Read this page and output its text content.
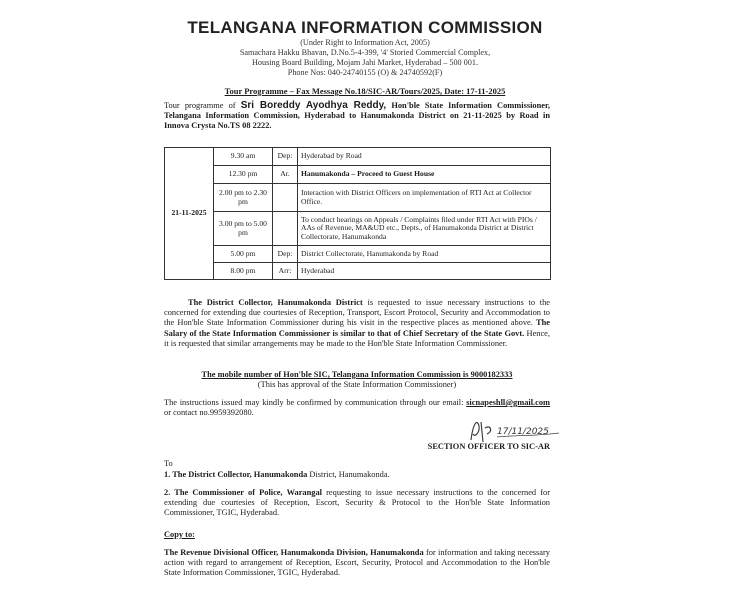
TELANGANA INFORMATION COMMISSION
(Under Right to Information Act, 2005)
Samachara Hakku Bhavan, D.No.5-4-399, '4' Storied Commercial Complex,
Housing Board Building, Mojam Jahi Market, Hyderabad – 500 001.
Phone Nos: 040-24740155 (O) & 24740592(F)
Tour Programme – Fax Message No.18/SIC-AR/Tours/2025, Date: 17-11-2025
Tour programme of Sri Boreddy Ayodhya Reddy, Hon'ble State Information Commissioner, Telangana Information Commission, Hyderabad to Hanumakonda District on 21-11-2025 by Road in Innova Crysta No.TS 08 2222.
21-11-2025	9.30 am	Dep:	Hyderabad by Road
	12.30 pm	Ar.	Hanumakonda – Proceed to Guest House
	2.00 pm to 2.30 pm		Interaction with District Officers on implementation of RTI Act at Collector Office.
	3.00 pm to 5.00 pm		To conduct hearings on Appeals / Complaints filed under RTI Act with PIOs / AAs of Revenue, MA&UD etc., Depts., of Hanumakonda District at District Collectorate, Hanumakonda
	5.00 pm	Dep:	District Collectorate, Hanumakonda by Road
	8.00 pm	Arr:	Hyderabad
The District Collector, Hanumakonda District is requested to issue necessary instructions to the concerned for extending due courtesies of Reception, Transport, Escort Protocol, Security and Accommodation to the Hon'ble State Information Commissioner during his visit in the respective places as mentioned above. The Salary of the State Information Commissioner is similar to that of Chief Secretary of the State Govt. Hence, it is requested that similar arrangements may be made to the Hon'ble State Information Commissioner.
The mobile number of Hon'ble SIC, Telangana Information Commission is 9000182333
(This has approval of the State Information Commissioner)
The instructions issued may kindly be confirmed by communication through our email: sicnapeshll@gmail.com or contact no.9959392080.
17/11/2025
SECTION OFFICER TO SIC-AR
To
1. The District Collector, Hanumakonda District, Hanumakonda.
2. The Commissioner of Police, Warangal requesting to issue necessary instructions to the concerned for extending due courtesies of Reception, Escort, Security & Protocol to the Hon'ble State Information Commissioner, TGIC, Hyderabad.
Copy to:
The Revenue Divisional Officer, Hanumakonda Division, Hanumakonda for information and taking necessary action with regard to arrangement of Reception, Escort, Security, Protocol and Accommodation to the Hon'ble State Information Commissioner, TGIC, Hyderabad.
